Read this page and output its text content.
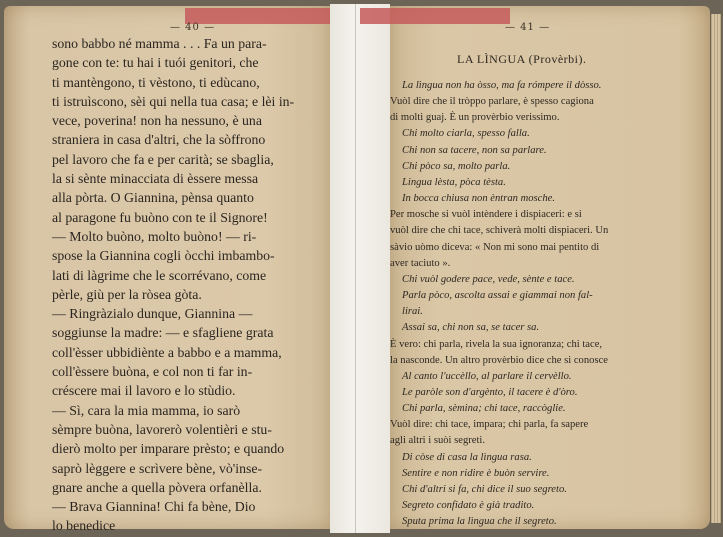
— 40 —	— 41 —
sono babbo né mamma . . . Fa un para-
gone con te: tu hai i tuói genitori, che
ti mantèngono, ti vèstono, ti edùcano,
ti istruìscono, sèi qui nella tua casa; e lèi in-
vece, poverina! non ha nessuno, è una
straniera in casa d'altri, che la sòffrono
pel lavoro che fa e per carità; se sbaglia,
la si sènte minacciata di èssere messa
alla pòrta. O Giannina, pènsa quanto
al paragone fu buòno con te il Signore!
— Molto buòno, molto buòno! — ri-
spose la Giannina cogli òcchi imbambo-
lati di làgrime che le scorrévano, come
pèrle, giù per la ròsea gòta.
— Ringràzialo dunque, Giannina —
soggiunse la madre: — e sfagliene grata
coll'èsser ubbidiènte a babbo e a mamma,
coll'èssere buòna, e col non ti far in-
créscere mai il lavoro e lo stùdio.
— Sì, cara la mia mamma, io sarò
sèmpre buòna, lavorerò volentièri e stu-
dierò molto per imparare prèsto; e quando
saprò lèggere e scrìvere bène, vò'inse-
gnare anche a quella pòvera orfanèlla.
— Brava Giannina! Chi fa bène, Dio
lo benedice
LA LÌNGUA (Provèrbi).
La lìngua non ha òsso, ma fa rómpere il dòsso.
Vuòl dire che il tròppo parlare, è spesso cagiona
di molti guaj. È un provèrbio verissimo.
Chi molto ciarla, spesso falla.
Chi non sa tacere, non sa parlare.
Chi pòco sa, molto parla.
Lingua lèsta, pòca tèsta.
In bocca chiusa non èntran mosche.
Per mosche si vuòl intèndere i dispiaceri: e si
vuòl dire che chi tace, schiverà molti dispiaceri. Un
sàvio uòmo diceva: « Non mi sono mai pentito di
aver taciuto ».
Chi vuòl godere pace, vede, sènte e tace.
Parla pòco, ascolta assai e giammai non fal-
lirai.
Assai sa, chi non sa, se tacer sa.
È vero: chi parla, rivela la sua ignoranza; chi tace,
la nasconde. Un altro provèrbio dice che si conosce
Al canto l'uccèllo, al parlare il cervèllo.
Le paròle son d'argènto, il tacere è d'òro.
Chi parla, sèmina; chi tace, raccòglie.
Vuòl dire: chi tace, impara; chi parla, fa sapere
agli altri i suòi segreti.
Di còse di casa la lìngua rasa.
Sentire e non ridire è buòn servire.
Chi d'altri si fa, chi dice il suo segreto.
Segreto confidato è già tradito.
Sputa prima la lìngua che il segreto.
